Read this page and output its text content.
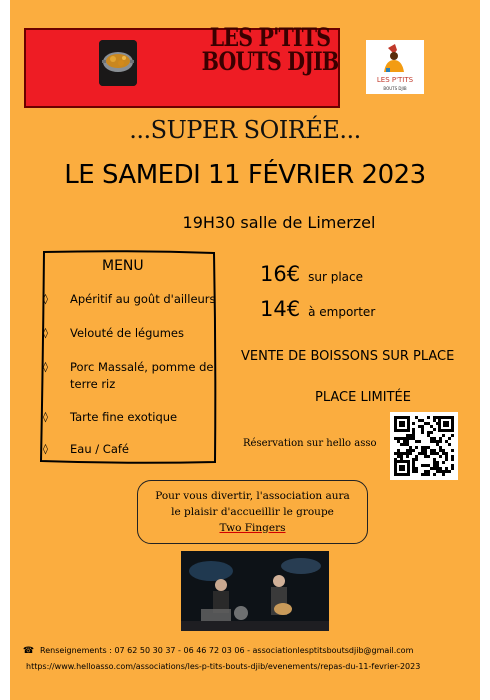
LES P'TITS
BOUTS DJIB
LES P'TITS
BOUTS DJIB
...SUPER SOIRÉE...
LE SAMEDI 11 FÉVRIER 2023
19H30 salle de Limerzel
MENU
◊ Apéritif au goût d'ailleurs
◊ Velouté de légumes
◊ Porc Massalé, pomme de terre riz
◊ Tarte fine exotique
◊ Eau / Café
16€ sur place
14€ à emporter
VENTE DE BOISSONS SUR PLACE
PLACE LIMITÉE
Réservation sur hello asso
Pour vous divertir, l'association aura
le plaisir d'accueillir le groupe
Two Fingers
☎ Renseignements : 07 62 50 30 37 - 06 46 72 03 06 - associationlesptitsboutsdjib@gmail.com
https://www.helloasso.com/associations/les-p-tits-bouts-djib/evenements/repas-du-11-fevrier-2023
